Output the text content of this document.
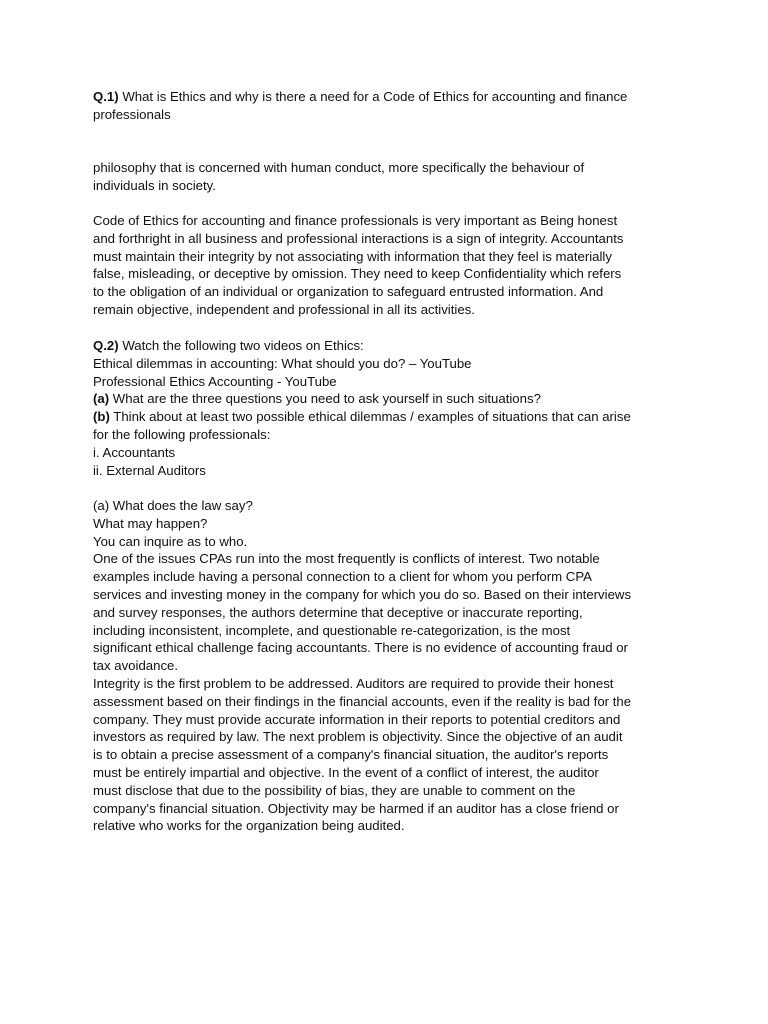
Q.1) What is Ethics and why is there a need for a Code of Ethics for accounting and finance
professionals
philosophy that is concerned with human conduct, more specifically the behaviour of
individuals in society.
Code of Ethics for accounting and finance professionals is very important as Being honest
and forthright in all business and professional interactions is a sign of integrity. Accountants
must maintain their integrity by not associating with information that they feel is materially
false, misleading, or deceptive by omission. They need to keep Confidentiality which refers
to the obligation of an individual or organization to safeguard entrusted information. And
remain objective, independent and professional in all its activities.
Q.2) Watch the following two videos on Ethics:
Ethical dilemmas in accounting: What should you do? – YouTube
Professional Ethics Accounting - YouTube
(a) What are the three questions you need to ask yourself in such situations?
(b) Think about at least two possible ethical dilemmas / examples of situations that can arise
for the following professionals:
i. Accountants
ii. External Auditors
(a) What does the law say?
What may happen?
You can inquire as to who.
One of the issues CPAs run into the most frequently is conflicts of interest. Two notable
examples include having a personal connection to a client for whom you perform CPA
services and investing money in the company for which you do so. Based on their interviews
and survey responses, the authors determine that deceptive or inaccurate reporting,
including inconsistent, incomplete, and questionable re-categorization, is the most
significant ethical challenge facing accountants. There is no evidence of accounting fraud or
tax avoidance.
Integrity is the first problem to be addressed. Auditors are required to provide their honest
assessment based on their findings in the financial accounts, even if the reality is bad for the
company. They must provide accurate information in their reports to potential creditors and
investors as required by law. The next problem is objectivity. Since the objective of an audit
is to obtain a precise assessment of a company's financial situation, the auditor's reports
must be entirely impartial and objective. In the event of a conflict of interest, the auditor
must disclose that due to the possibility of bias, they are unable to comment on the
company's financial situation. Objectivity may be harmed if an auditor has a close friend or
relative who works for the organization being audited.
